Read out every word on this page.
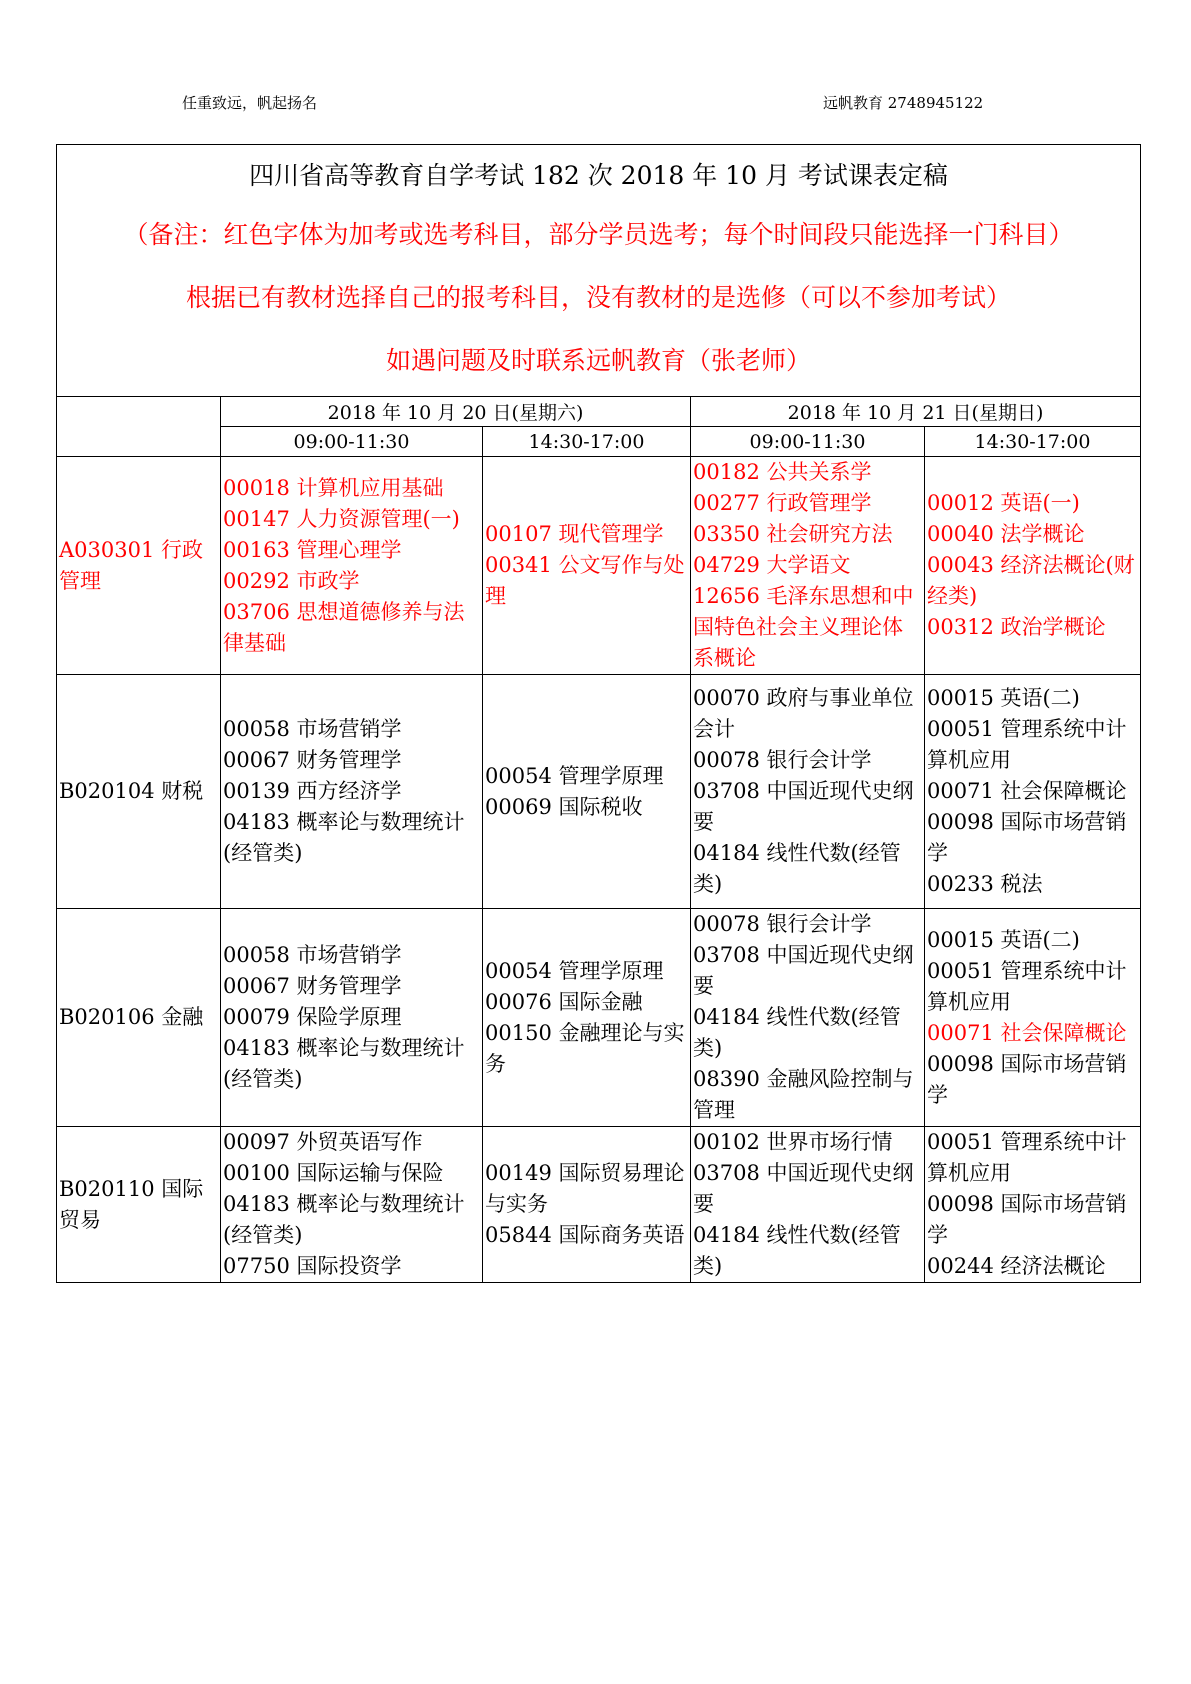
任重致远，帆起扬名	远帆教育 2748945122
四川省高等教育自学考试 182 次 2018 年 10 月 考试课表定稿
（备注：红色字体为加考或选考科目，部分学员选考；每个时间段只能选择一门科目）
根据已有教材选择自己的报考科目，没有教材的是选修（可以不参加考试）
如遇问题及时联系远帆教育（张老师）				

	2018 年 10 月 20 日(星期六)		2018 年 10 月 21 日(星期日)	
	09:00-11:30	14:30-17:00	09:00-11:30	14:30-17:00
A030301 行政管理	00018 计算机应用基础
00147 人力资源管理(一)
00163 管理心理学
00292 市政学
03706 思想道德修养与法律基础	00107 现代管理学
00341 公文写作与处理	00182 公共关系学
00277 行政管理学
03350 社会研究方法
04729 大学语文
12656 毛泽东思想和中国特色社会主义理论体系概论	00012 英语(一)
00040 法学概论
00043 经济法概论(财经类)
00312 政治学概论

B020104 财税	00058 市场营销学
00067 财务管理学
00139 西方经济学
04183 概率论与数理统计(经管类)	00054 管理学原理
00069 国际税收	00070 政府与事业单位会计
00078 银行会计学
03708 中国近现代史纲要
04184 线性代数(经管类)	00015 英语(二)
00051 管理系统中计算机应用
00071 社会保障概论
00098 国际市场营销学
00233 税法

B020106 金融	00058 市场营销学
00067 财务管理学
00079 保险学原理
04183 概率论与数理统计(经管类)	00054 管理学原理
00076 国际金融
00150 金融理论与实务	00078 银行会计学
03708 中国近现代史纲要
04184 线性代数(经管类)
08390 金融风险控制与管理	00015 英语(二)
00051 管理系统中计算机应用
00071 社会保障概论
00098 国际市场营销学

B020110 国际贸易	00097 外贸英语写作
00100 国际运输与保险
04183 概率论与数理统计(经管类)
07750 国际投资学	00149 国际贸易理论与实务
05844 国际商务英语	00102 世界市场行情
03708 中国近现代史纲要
04184 线性代数(经管类)	00051 管理系统中计算机应用
00098 国际市场营销学
00244 经济法概论
